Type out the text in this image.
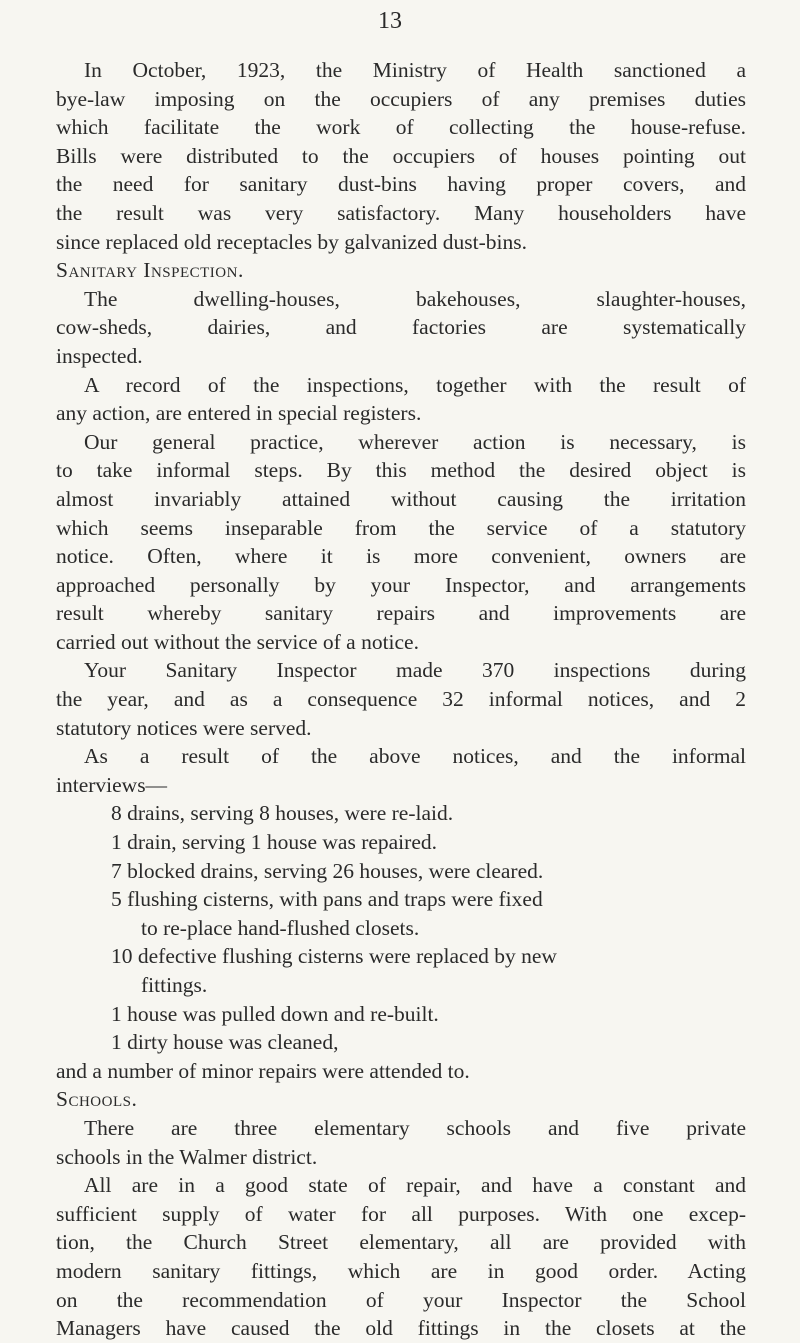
13
In October, 1923, the Ministry of Health sanctioned a
bye-law imposing on the occupiers of any premises duties
which facilitate the work of collecting the house-refuse.
Bills were distributed to the occupiers of houses pointing out
the need for sanitary dust-bins having proper covers, and
the result was very satisfactory. Many householders have
since replaced old receptacles by galvanized dust-bins.
Sanitary Inspection.
The dwelling-houses, bakehouses, slaughter-houses,
cow-sheds, dairies, and factories are systematically
inspected.
A record of the inspections, together with the result of
any action, are entered in special registers.
Our general practice, wherever action is necessary, is
to take informal steps. By this method the desired object is
almost invariably attained without causing the irritation
which seems inseparable from the service of a statutory
notice. Often, where it is more convenient, owners are
approached personally by your Inspector, and arrangements
result whereby sanitary repairs and improvements are
carried out without the service of a notice.
Your Sanitary Inspector made 370 inspections during
the year, and as a consequence 32 informal notices, and 2
statutory notices were served.
As a result of the above notices, and the informal
interviews—
8 drains, serving 8 houses, were re-laid.
1 drain, serving 1 house was repaired.
7 blocked drains, serving 26 houses, were cleared.
5 flushing cisterns, with pans and traps were fixed
to re-place hand-flushed closets.
10 defective flushing cisterns were replaced by new
fittings.
1 house was pulled down and re-built.
1 dirty house was cleaned,
and a number of minor repairs were attended to.
Schools.
There are three elementary schools and five private
schools in the Walmer district.
All are in a good state of repair, and have a constant and
sufficient supply of water for all purposes. With one excep-
tion, the Church Street elementary, all are provided with
modern sanitary fittings, which are in good order. Acting
on the recommendation of your Inspector the School
Managers have caused the old fittings in the closets at the
